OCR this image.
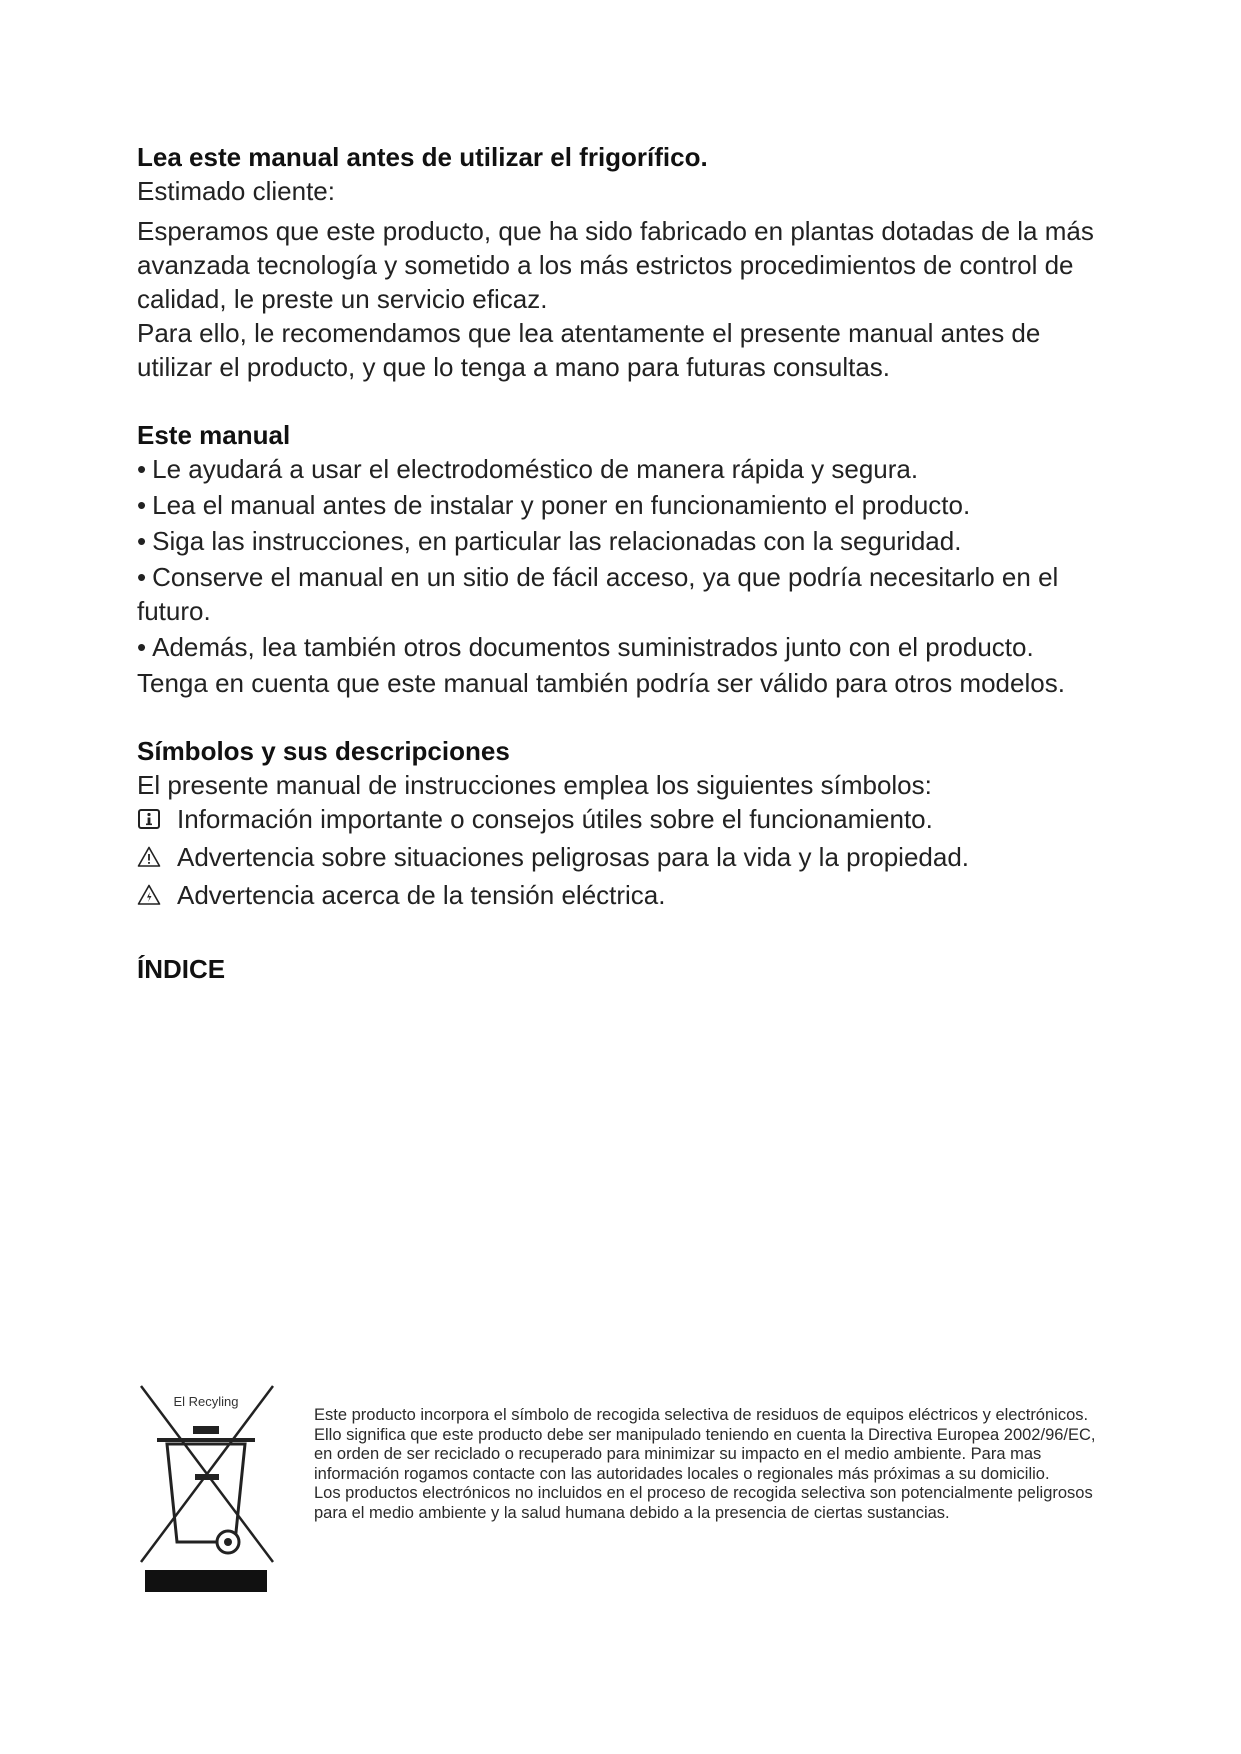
Lea este manual antes de utilizar el frigorífico.

Estimado cliente:

Esperamos que este producto, que ha sido fabricado en plantas dotadas de la más avanzada tecnología y sometido a los más estrictos procedimientos de control de calidad, le preste un servicio eficaz.

Para ello, le recomendamos que lea atentamente el presente manual antes de utilizar el producto, y que lo tenga a mano para futuras consultas.

Este manual

• Le ayudará a usar el electrodoméstico de manera rápida y segura.

• Lea el manual antes de instalar y poner en funcionamiento el producto.

• Siga las instrucciones, en particular las relacionadas con la seguridad.

• Conserve el manual en un sitio de fácil acceso, ya que podría necesitarlo en el futuro.

• Además, lea también otros documentos suministrados junto con el producto.

Tenga en cuenta que este manual también podría ser válido para otros modelos.

Símbolos y sus descripciones

El presente manual de instrucciones emplea los siguientes símbolos:

Información importante o consejos útiles sobre el funcionamiento.
Advertencia sobre situaciones peligrosas para la vida y la propiedad.
Advertencia acerca de la tensión eléctrica.
ÍNDICE
El Recyling

Este producto incorpora el símbolo de recogida selectiva de residuos de equipos eléctricos y electrónicos.

Ello significa que este producto debe ser manipulado teniendo en cuenta la Directiva Europea 2002/96/EC, en orden de ser reciclado o recuperado para minimizar su impacto en el medio ambiente. Para mas información rogamos contacte con las autoridades locales o regionales más próximas a su domicilio.

Los productos electrónicos no incluidos en el proceso de recogida selectiva son potencialmente peligrosos para el medio ambiente y la salud humana debido a la presencia de ciertas sustancias.
